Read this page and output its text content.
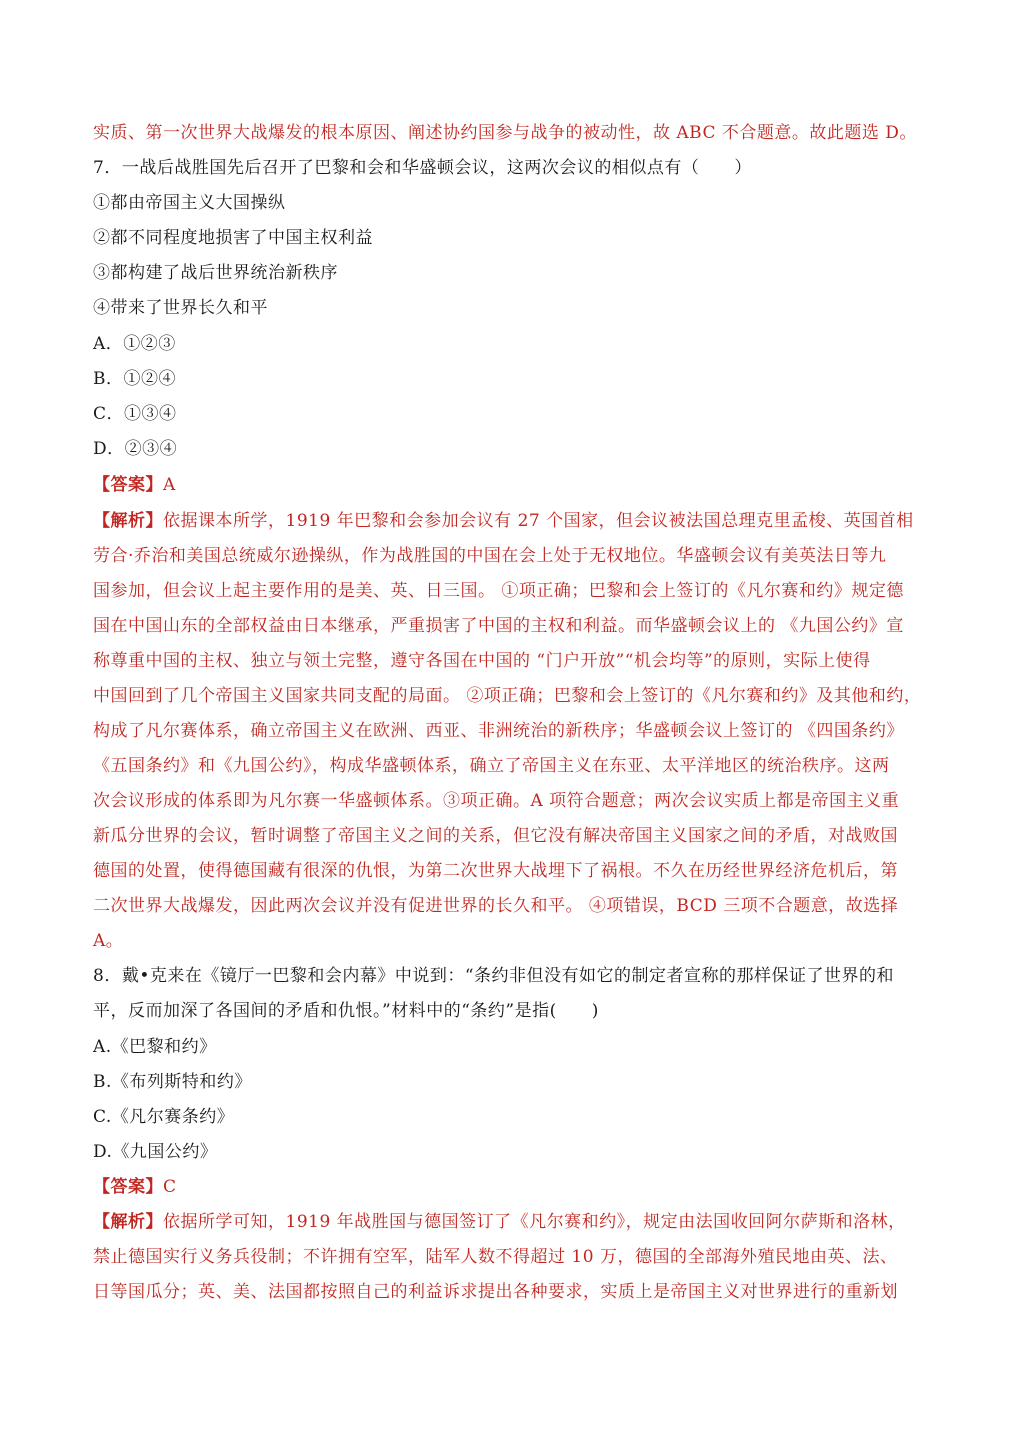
实质、第一次世界大战爆发的根本原因、阐述协约国参与战争的被动性，故 ABC 不合题意。故此题选 D。
7．一战后战胜国先后召开了巴黎和会和华盛顿会议，这两次会议的相似点有（　　）
①都由帝国主义大国操纵
②都不同程度地损害了中国主权利益
③都构建了战后世界统治新秩序
④带来了世界长久和平
A．①②③
B．①②④
C．①③④
D．②③④
【答案】A
【解析】依据课本所学，1919 年巴黎和会参加会议有 27 个国家，但会议被法国总理克里孟梭、英国首相
劳合·乔治和美国总统威尔逊操纵，作为战胜国的中国在会上处于无权地位。华盛顿会议有美英法日等九
国参加，但会议上起主要作用的是美、英、日三国。 ①项正确；巴黎和会上签订的《凡尔赛和约》规定德
国在中国山东的全部权益由日本继承，严重损害了中国的主权和利益。而华盛顿会议上的 《九国公约》宣
称尊重中国的主权、独立与领土完整，遵守各国在中国的 “门户开放”“机会均等”的原则，实际上使得
中国回到了几个帝国主义国家共同支配的局面。 ②项正确；巴黎和会上签订的《凡尔赛和约》及其他和约，
构成了凡尔赛体系，确立帝国主义在欧洲、西亚、非洲统治的新秩序；华盛顿会议上签订的 《四国条约》
《五国条约》和《九国公约》，构成华盛顿体系，确立了帝国主义在东亚、太平洋地区的统治秩序。这两
次会议形成的体系即为凡尔赛一华盛顿体系。③项正确。A 项符合题意；两次会议实质上都是帝国主义重
新瓜分世界的会议，暂时调整了帝国主义之间的关系，但它没有解决帝国主义国家之间的矛盾，对战败国
德国的处置，使得德国藏有很深的仇恨，为第二次世界大战埋下了祸根。不久在历经世界经济危机后，第
二次世界大战爆发，因此两次会议并没有促进世界的长久和平。 ④项错误，BCD 三项不合题意，故选择
A。
8．戴•克来在《镜厅一巴黎和会内幕》中说到：“条约非但没有如它的制定者宣称的那样保证了世界的和
平，反而加深了各国间的矛盾和仇恨。”材料中的“条约”是指(　　)
A.《巴黎和约》
B.《布列斯特和约》
C.《凡尔赛条约》
D.《九国公约》
【答案】C
【解析】依据所学可知，1919 年战胜国与德国签订了《凡尔赛和约》，规定由法国收回阿尔萨斯和洛林，
禁止德国实行义务兵役制；不许拥有空军，陆军人数不得超过 10 万，德国的全部海外殖民地由英、法、
日等国瓜分；英、美、法国都按照自己的利益诉求提出各种要求，实质上是帝国主义对世界进行的重新划
